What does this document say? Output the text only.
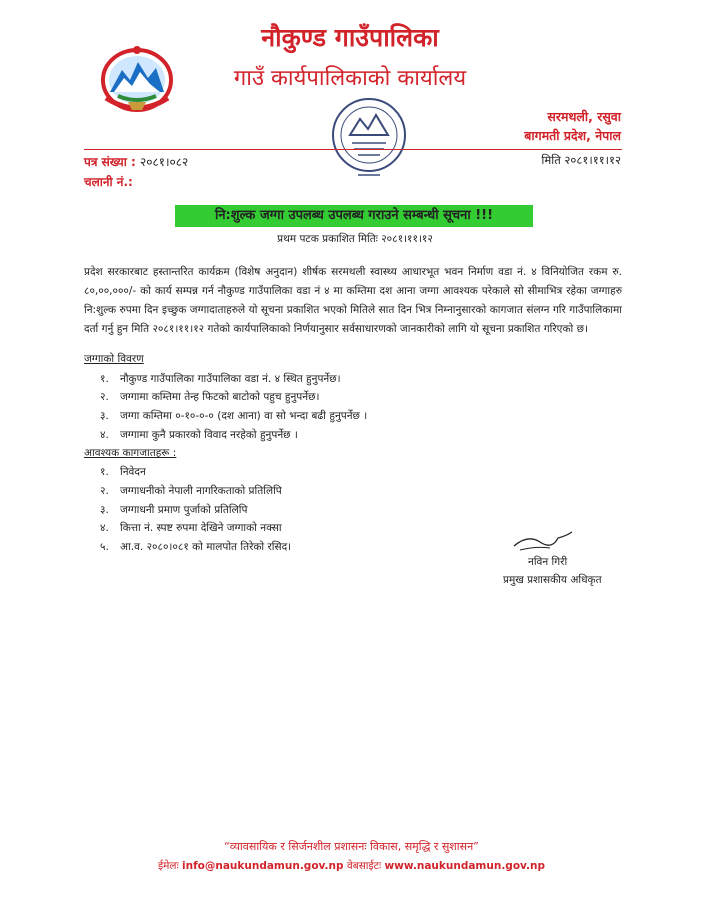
नौकुण्ड गाउँपालिका
गाउँ कार्यपालिकाको कार्यालय
सरमथली, रसुवा
बागमती प्रदेश, नेपाल
पत्र संख्या : २०८१।०८२
चलानी नं.:
मिति २०८१।११।१२
नि:शुल्क जग्गा उपलब्ध उपलब्ध गराउने सम्बन्धी सूचना !!!
प्रथम पटक प्रकाशित मितिः २०८१।११।१२
प्रदेश सरकारबाट हस्तान्तरित कार्यक्रम (विशेष अनुदान) शीर्षक सरमथली स्वास्थ्य आधारभूत भवन निर्माण वडा नं. ४ विनियोजित रकम रु. ८०,००,०००/- को कार्य सम्पन्न गर्न नौकुण्ड गाउँपालिका वडा नं ४ मा कम्तिमा दश आना जग्गा आवश्यक परेकाले सो सीमाभित्र रहेका जग्गाहरु नि:शुल्क रुपमा दिन इच्छुक जग्गादाताहरुले यो सूचना प्रकाशित भएको मितिले सात दिन भित्र निम्नानुसारको कागजात संलग्न गरि गाउँपालिकामा दर्ता गर्नु हुन मिति २०८१।११।१२ गतेको कार्यपालिकाको निर्णयानुसार सर्वसाधारणको जानकारीको लागि यो सूचना प्रकाशित गरिएको छ।
जग्गाको विवरण
१. नौकुण्ड गाउँपालिका गाउँपालिका वडा नं. ४ स्थित हुनुपर्नेछ।
२. जग्गामा कम्तिमा तेन्ह फिटको बाटोको पहुच हुनुपर्नेछ।
३. जग्गा कम्तिमा ०-१०-०-० (दश आना) वा सो भन्दा बढी हुनुपर्नेछ ।
४. जग्गामा कुनै प्रकारको विवाद नरहेको हुनुपर्नेछ ।
आवश्यक कागजातहरू :
१. निवेदन
२. जग्गाधनीको नेपाली नागरिकताको प्रतिलिपि
३. जग्गाधनी प्रमाण पुर्जाको प्रतिलिपि
४. कित्ता नं. स्पष्ट रुपमा देखिने जग्गाको नक्सा
५. आ.व. २०८०।०८१ को मालपोत तिरेको रसिद।
नविन गिरी
प्रमुख प्रशासकीय अधिकृत
“व्यावसायिक र सिर्जनशील प्रशासनः विकास, समृद्धि र सुशासन”
ईमेलः info@naukundamun.gov.np वेबसाईटः www.naukundamun.gov.np
